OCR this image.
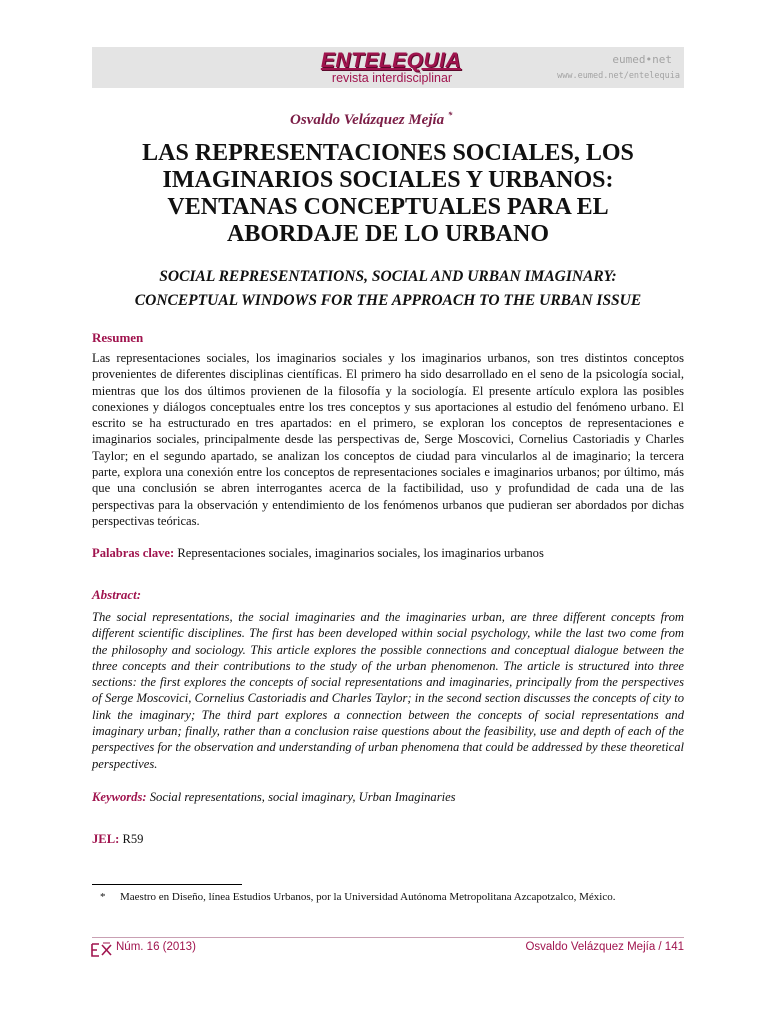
ENTELEQUIA
revista interdisciplinar
eumed•net
www.eumed.net/entelequia
Osvaldo Velázquez Mejía *
LAS REPRESENTACIONES SOCIALES, LOS
IMAGINARIOS SOCIALES Y URBANOS:
VENTANAS CONCEPTUALES PARA EL
ABORDAJE DE LO URBANO
SOCIAL REPRESENTATIONS, SOCIAL AND URBAN IMAGINARY:
CONCEPTUAL WINDOWS FOR THE APPROACH TO THE URBAN ISSUE
Resumen

Las representaciones sociales, los imaginarios sociales y los imaginarios urbanos, son tres distintos conceptos provenientes de diferentes disciplinas científicas. El primero ha sido desarrollado en el seno de la psicología social, mientras que los dos últimos provienen de la filosofía y la sociología. El presente artículo explora las posibles conexiones y diálogos conceptuales entre los tres conceptos y sus aportaciones al estudio del fenómeno urbano. El escrito se ha estructurado en tres apartados: en el primero, se exploran los conceptos de representaciones e imaginarios sociales, principalmente desde las perspectivas de, Serge Moscovici, Cornelius Castoriadis y Charles Taylor; en el segundo apartado, se analizan los conceptos de ciudad para vincularlos al de imaginario; la tercera parte, explora una conexión entre los conceptos de representaciones sociales e imaginarios urbanos; por último, más que una conclusión se abren interrogantes acerca de la factibilidad, uso y profundidad de cada una de las perspectivas para la observación y entendimiento de los fenómenos urbanos que pudieran ser abordados por dichas perspectivas teóricas.

Palabras clave: Representaciones sociales, imaginarios sociales, los imaginarios urbanos
Abstract:

The social representations, the social imaginaries and the imaginaries urban, are three different concepts from different scientific disciplines. The first has been developed within social psychology, while the last two come from the philosophy and sociology. This article explores the possible connections and conceptual dialogue between the three concepts and their contributions to the study of the urban phenomenon. The article is structured into three sections: the first explores the concepts of social representations and imaginaries, principally from the perspectives of Serge Moscovici, Cornelius Castoriadis and Charles Taylor; in the second section discusses the concepts of city to link the imaginary; The third part explores a connection between the concepts of social representations and imaginary urban; finally, rather than a conclusion raise questions about the feasibility, use and depth of each of the perspectives for the observation and understanding of urban phenomena that could be addressed by these theoretical perspectives.

Keywords: Social representations, social imaginary, Urban Imaginaries
JEL: R59
* Maestro en Diseño, línea Estudios Urbanos, por la Universidad Autónoma Metropolitana Azcapotzalco, México.
Núm. 16 (2013)	Osvaldo Velázquez Mejía / 141
